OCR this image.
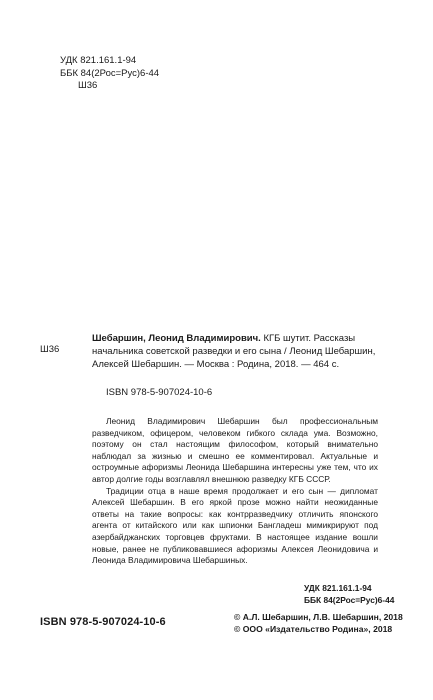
УДК 821.161.1-94
ББК 84(2Рос=Рус)6-44
Ш36
Ш36
Шебаршин, Леонид Владимирович. КГБ шутит. Рассказы начальника советской разведки и его сына / Леонид Шебаршин, Алексей Шебаршин. — Москва : Родина, 2018. — 464 с.
ISBN 978-5-907024-10-6

Леонид Владимирович Шебаршин был профессиональным разведчиком, офицером, человеком гибкого склада ума. Возможно, поэтому он стал настоящим философом, который внимательно наблюдал за жизнью и смешно ее комментировал. Актуальные и остроумные афоризмы Леонида Шебаршина интересны уже тем, что их автор долгие годы возглавлял внешнюю разведку КГБ СССР.

Традиции отца в наше время продолжает и его сын — дипломат Алексей Шебаршин. В его яркой прозе можно найти неожиданные ответы на такие вопросы: как контрразведчику отличить японского агента от китайского или как шпионки Бангладеш мимикрируют под азербайджанских торговцев фруктами. В настоящее издание вошли новые, ранее не публиковавшиеся афоризмы Алексея Леонидовича и Леонида Владимировича Шебаршиных.

УДК 821.161.1-94
ББК 84(2Рос=Рус)6-44
ISBN 978-5-907024-10-6	© А.Л. Шебаршин, Л.В. Шебаршин, 2018
© ООО «Издательство Родина», 2018
